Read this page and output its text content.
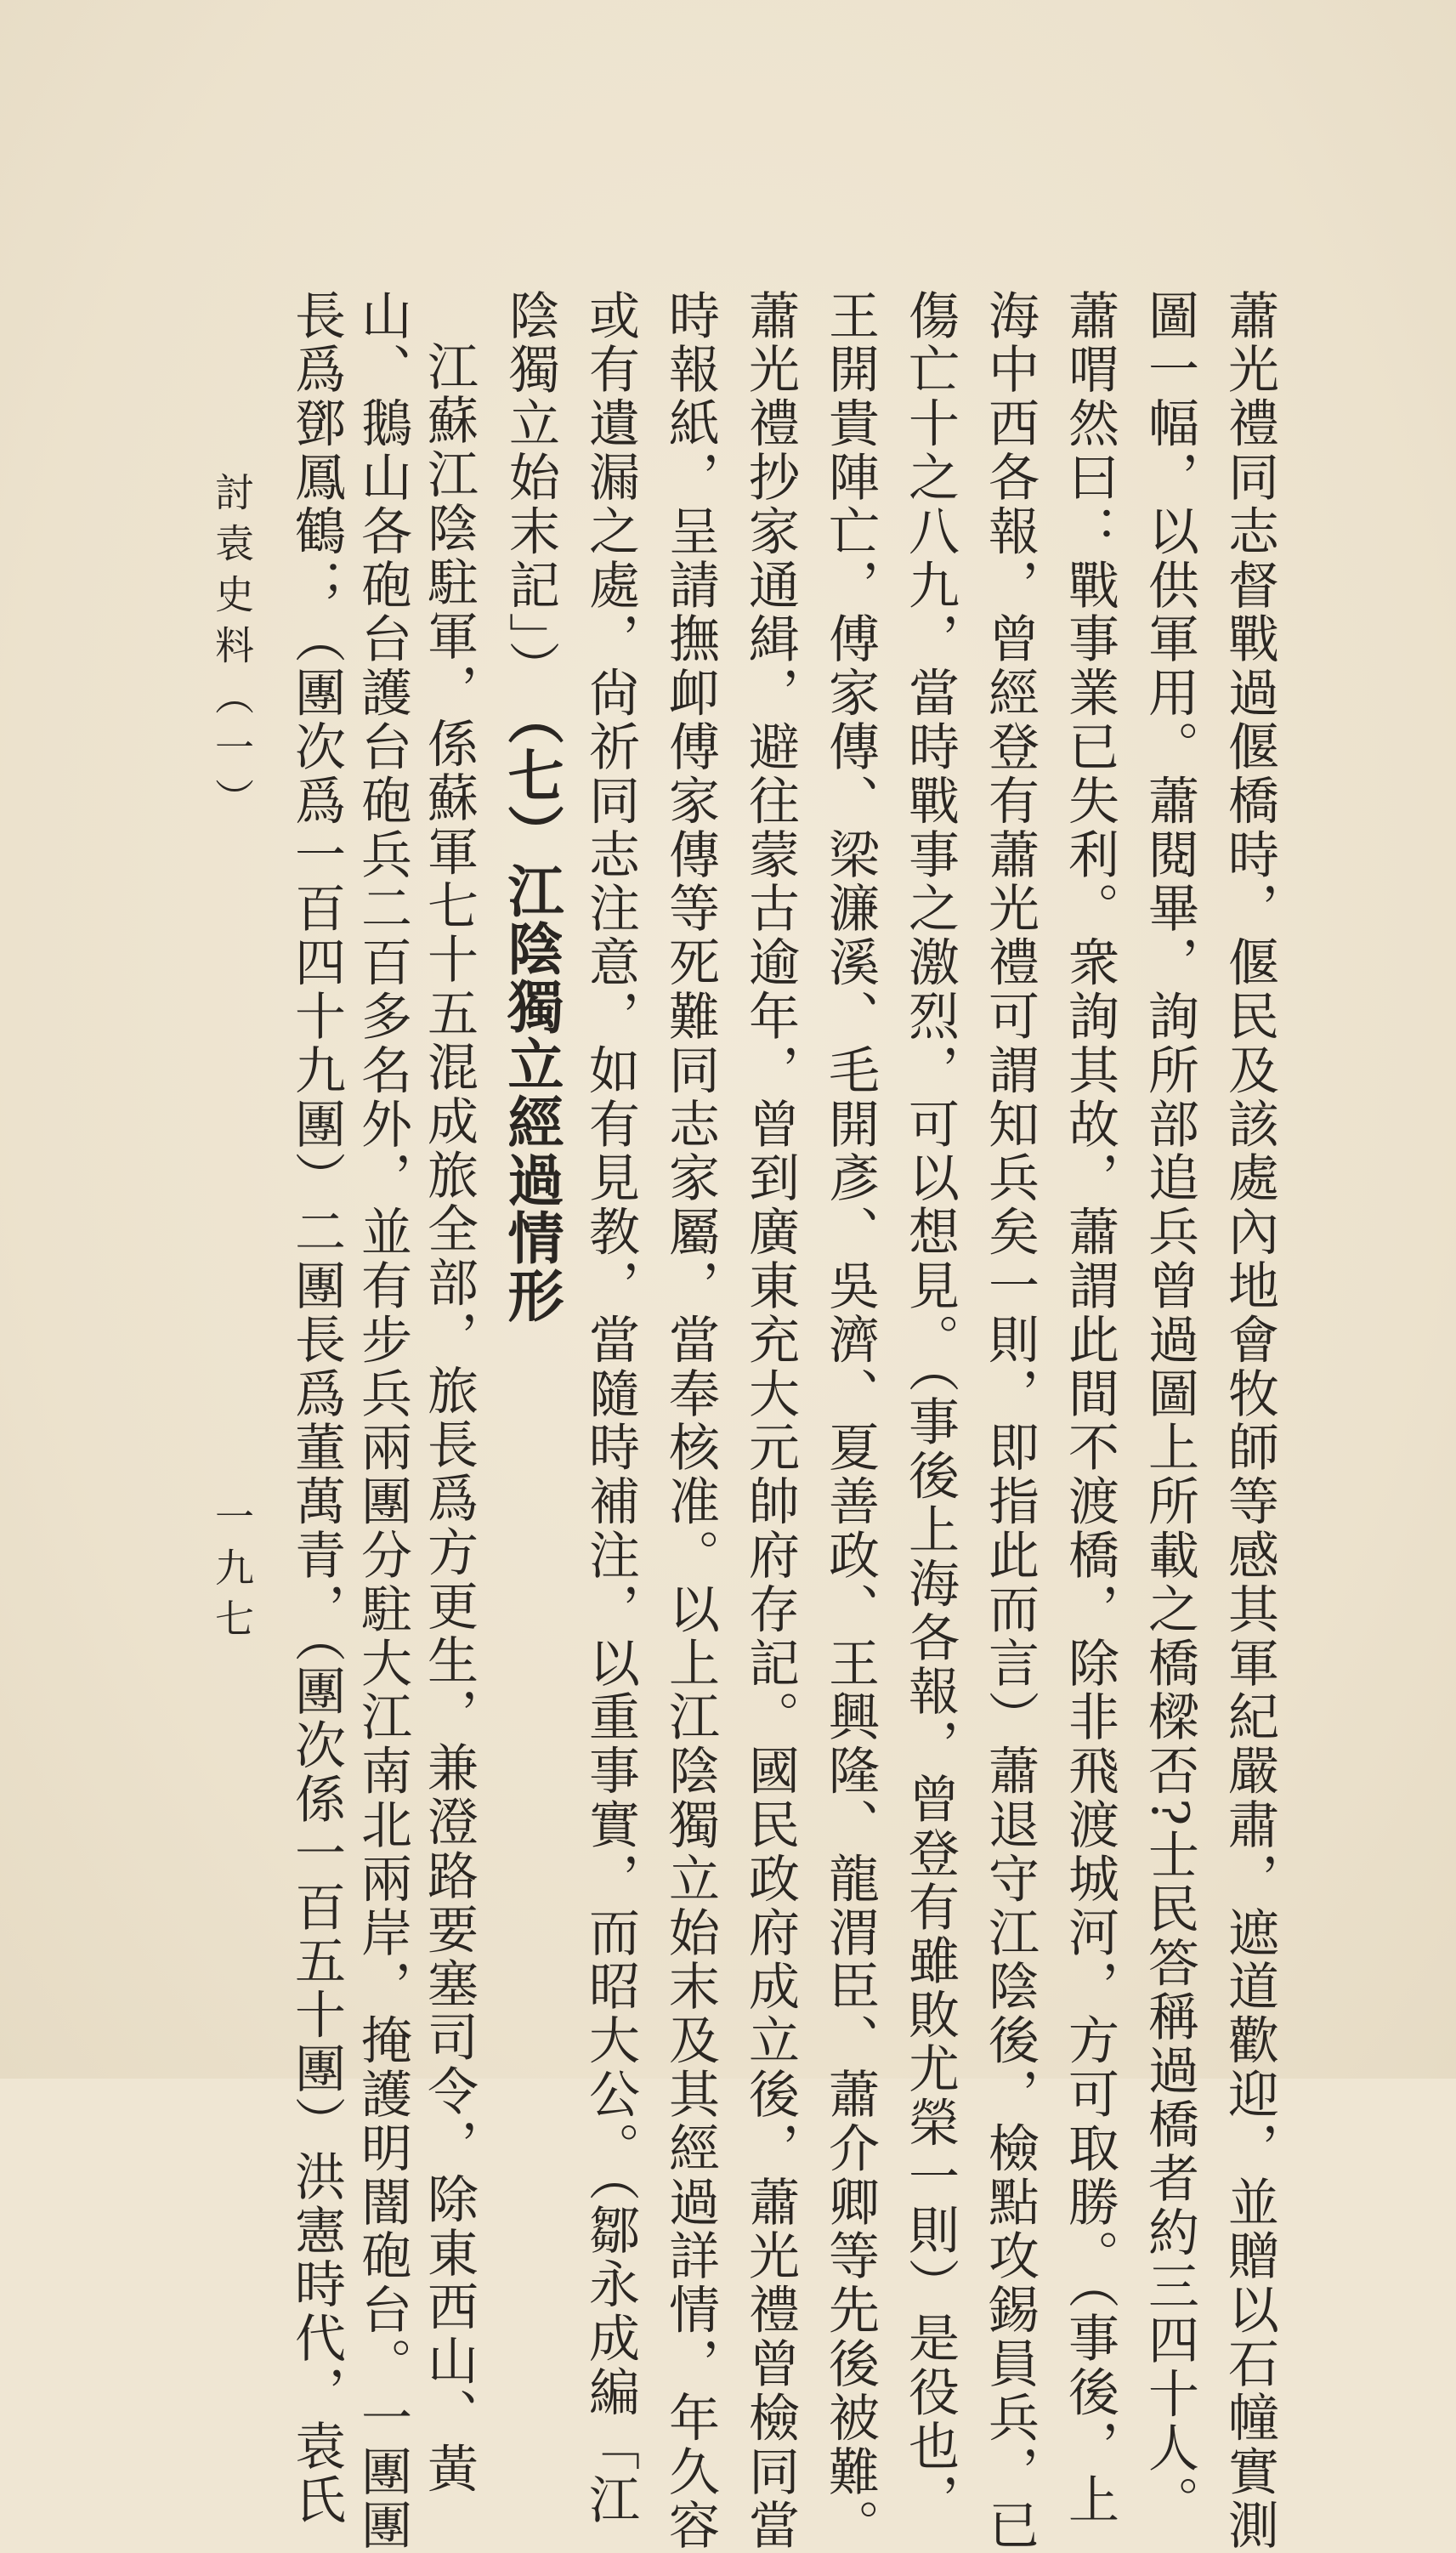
蕭光禮同志督戰過偃橋時，偃民及該處內地會牧師等感其軍紀嚴肅，遮道歡迎，並贈以石幢實測
圖一幅，以供軍用。蕭閱畢，詢所部追兵曾過圖上所載之橋樑否?士民答稱過橋者約三四十人。
蕭喟然曰：戰事業已失利。衆詢其故，蕭謂此間不渡橋，除非飛渡城河，方可取勝。（事後，上
海中西各報，曾經登有蕭光禮可謂知兵矣一則，即指此而言）蕭退守江陰後，檢點攻錫員兵，已
傷亡十之八九，當時戰事之激烈，可以想見。（事後上海各報，曾登有雖敗尤榮一則）是役也，
王開貴陣亡，傅家傳、梁濂溪、毛開彥、吳濟、夏善政、王興隆、龍渭臣、蕭介卿等先後被難。
蕭光禮抄家通緝，避往蒙古逾年，曾到廣東充大元帥府存記。國民政府成立後，蕭光禮曾檢同當
時報紙，呈請撫卹傅家傳等死難同志家屬，當奉核准。以上江陰獨立始末及其經過詳情，年久容
或有遺漏之處，尙祈同志注意，如有見教，當隨時補注，以重事實，而昭大公。（鄒永成編「江
陰獨立始末記」）
（七）江陰獨立經過情形
江蘇江陰駐軍，係蘇軍七十五混成旅全部，旅長爲方更生，兼澄路要塞司令，除東西山、黃
山、鵝山各砲台護台砲兵二百多名外，並有步兵兩團分駐大江南北兩岸，掩護明闇砲台。一團團
長爲鄧鳳鶴；（團次爲一百四十九團）二團長爲董萬青，（團次係一百五十團）洪憲時代，袁氏
討袁史料（一）
一九七
